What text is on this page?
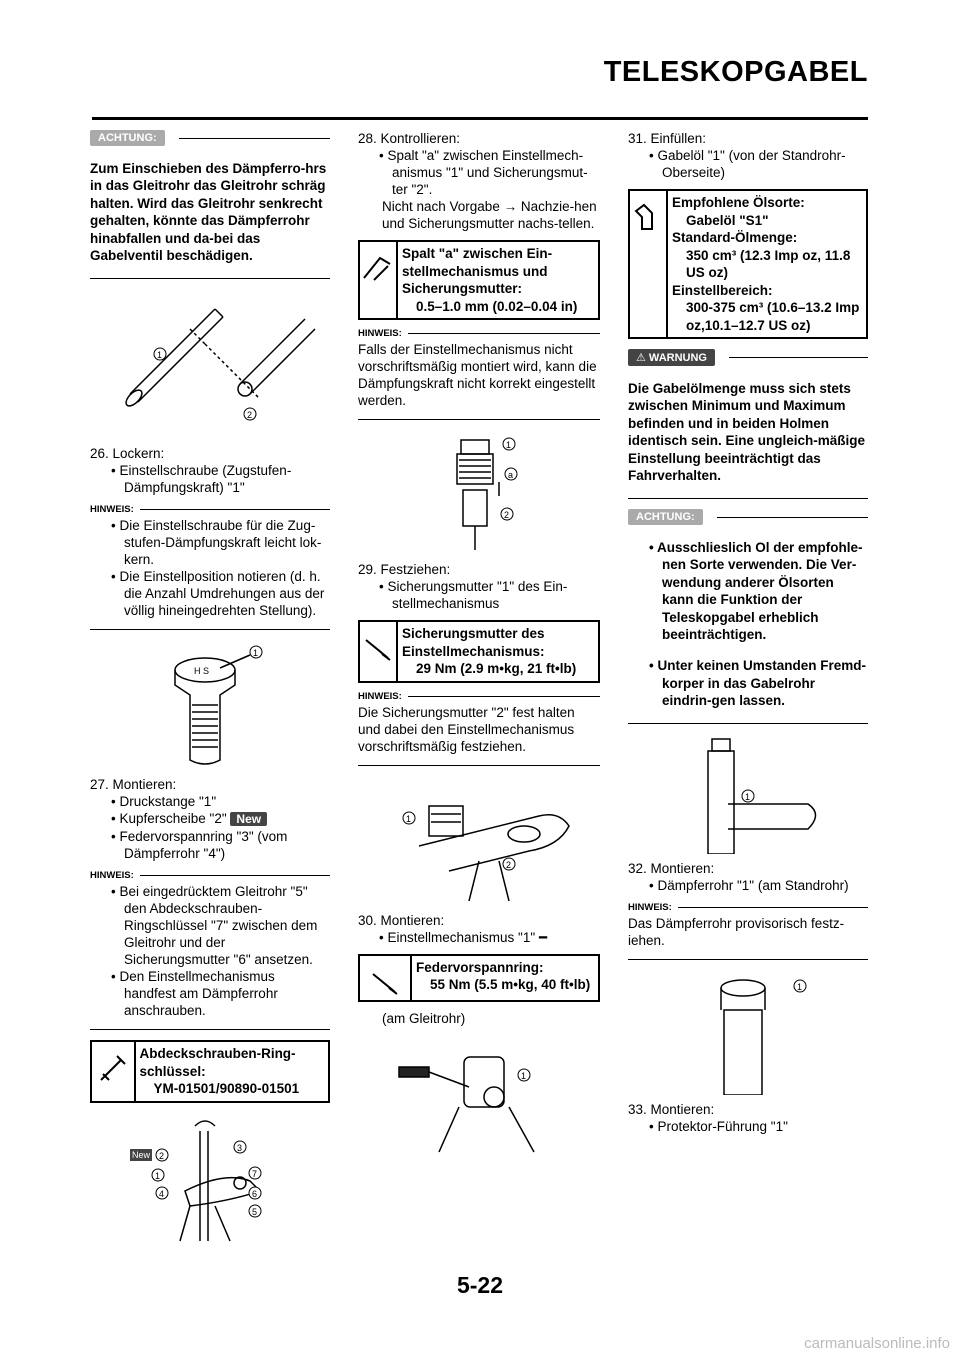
TELESKOPGABEL
ACHTUNG:

Zum Einschieben des Dämpferro-hrs in das Gleitrohr das Gleitrohr schräg halten. Wird das Gleitrohr senkrecht gehalten, könnte das Dämpferrohr hinabfallen und da-bei das Gabelventil beschädigen.

1
2

26. Lockern:

• Einstellschraube (Zugstufen-Dämpfungskraft) "1"

HINWEIS:

• Die Einstellschraube für die Zug-stufen-Dämpfungskraft leicht lok-kern.

• Die Einstellposition notieren (d. h. die Anzahl Umdrehungen aus der völlig hineingedrehten Stellung).

H S
1

27. Montieren:

• Druckstange "1"

• Kupferscheibe "2" New

• Federvorspannring "3" (vom Dämpferrohr "4")

HINWEIS:

• Bei eingedrücktem Gleitrohr "5" den Abdeckschrauben-Ringschlüssel "7" zwischen dem Gleitrohr und der Sicherungsmutter "6" ansetzen.

• Den Einstellmechanismus handfest am Dämpferrohr anschrauben.

Abdeckschrauben-Ring-schlüssel:
YM-01501/90890-01501
New 2
3
1
4
7
6
5

28. Kontrollieren:

• Spalt "a" zwischen Einstellmech-anismus "1" und Sicherungsmut-ter "2".

Nicht nach Vorgabe → Nachzie-hen und Sicherungsmutter nachs-tellen.

Spalt "a" zwischen Ein-stellmechanismus und Sicherungsmutter:
0.5–1.0 mm (0.02–0.04 in)
HINWEIS:

Falls der Einstellmechanismus nicht vorschriftsmäßig montiert wird, kann die Dämpfungskraft nicht korrekt eingestellt werden.

1
a
2

29. Festziehen:

• Sicherungsmutter "1" des Ein-stellmechanismus

Sicherungsmutter des Einstellmechanismus:
29 Nm (2.9 m•kg, 21 ft•lb)
HINWEIS:

Die Sicherungsmutter "2" fest halten und dabei den Einstellmechanismus vorschriftsmäßig festziehen.

1
2

30. Montieren:

• Einstellmechanismus "1" ━

Federvorspannring:
55 Nm (5.5 m•kg, 40 ft•lb)

(am Gleitrohr)

1

31. Einfüllen:

• Gabelöl "1" (von der Standrohr-Oberseite)

Empfohlene Ölsorte:
Gabelöl "S1"
Standard-Ölmenge:
350 cm³ (12.3 Imp oz, 11.8 US oz)
Einstellbereich:
300-375 cm³ (10.6–13.2 Imp oz,10.1–12.7 US oz)
⚠ WARNUNG

Die Gabelölmenge muss sich stets zwischen Minimum und Maximum befinden und in beiden Holmen identisch sein. Eine ungleich-mäßige Einstellung beeinträchtigt das Fahrverhalten.

ACHTUNG:

• Ausschlieslich Ol der empfohle-nen Sorte verwenden. Die Ver-wendung anderer Ölsorten kann die Funktion der Teleskopgabel erheblich beeinträchtigen.

• Unter keinen Umstanden Fremd-korper in das Gabelrohr eindrin-gen lassen.

1

32. Montieren:

• Dämpferrohr "1" (am Standrohr)

HINWEIS:

Das Dämpferrohr provisorisch festz-iehen.

1

33. Montieren:

• Protektor-Führung "1"

5-22
carmanualsonline.info
